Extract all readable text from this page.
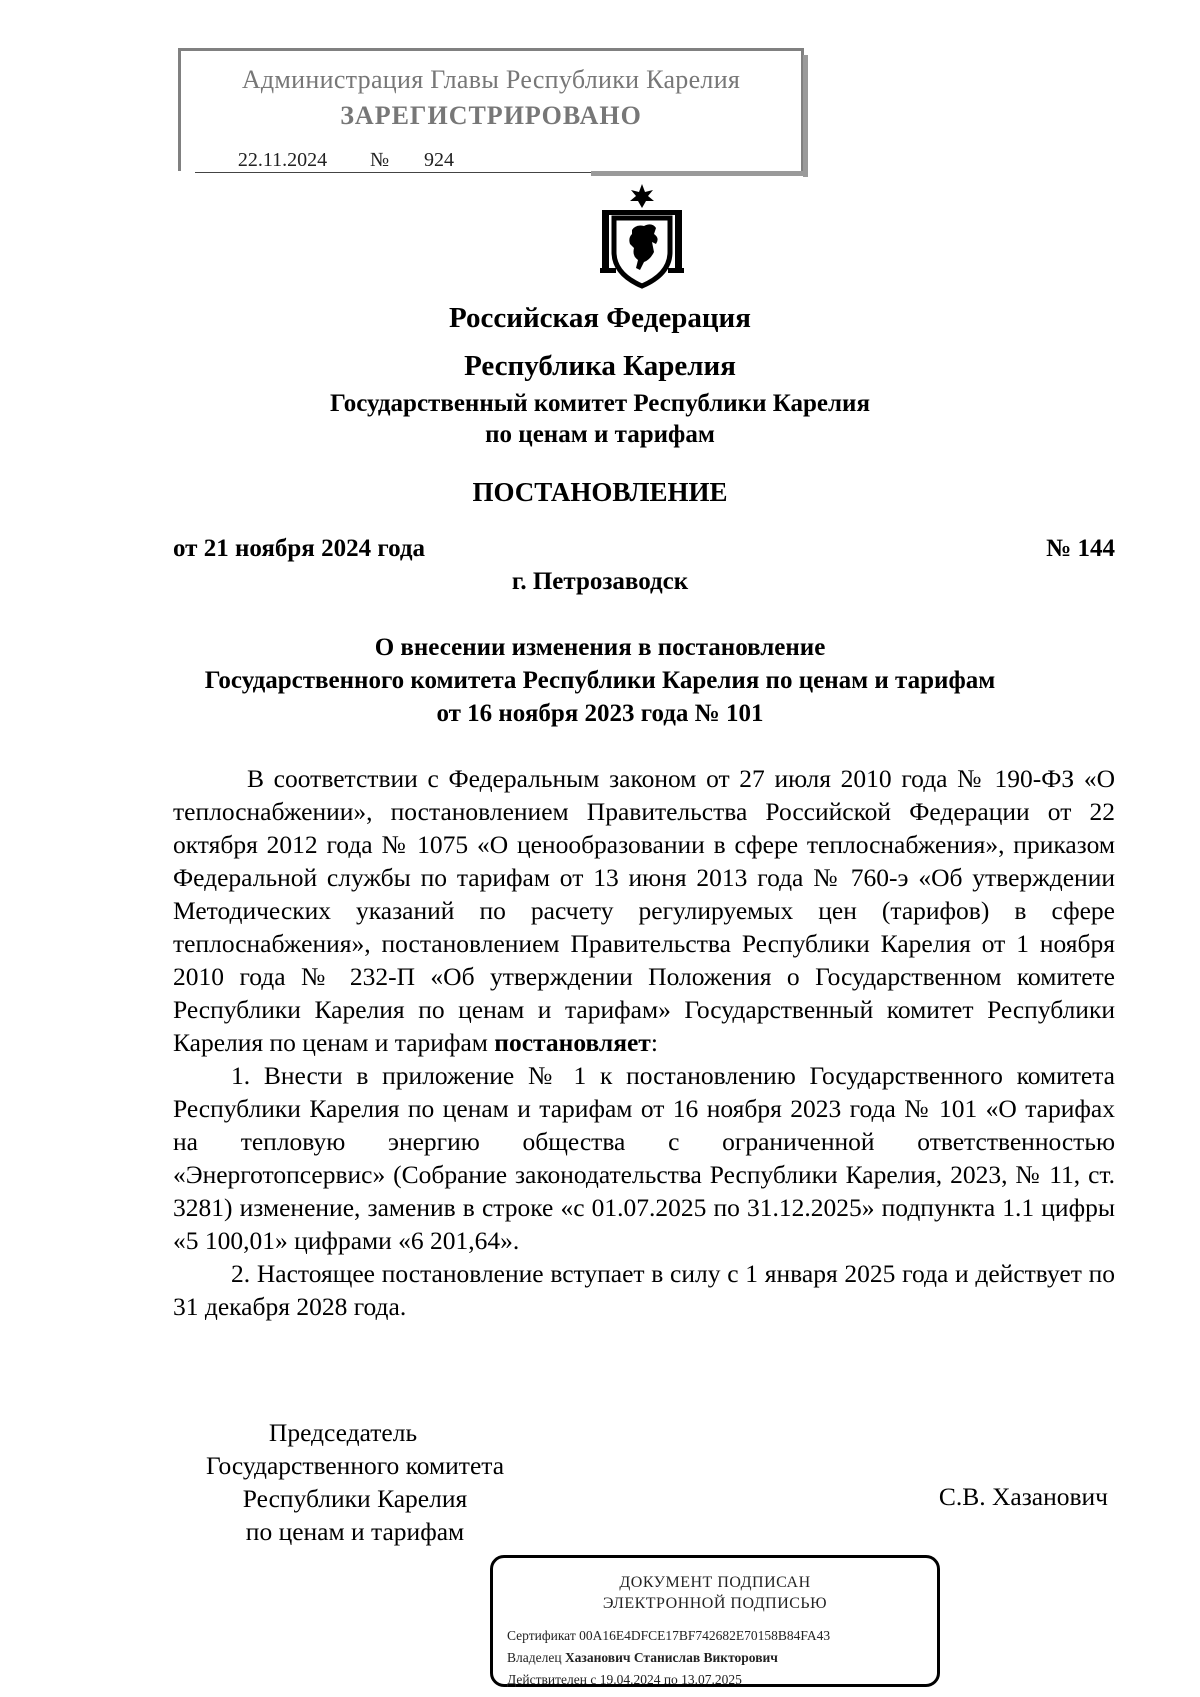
Администрация Главы Республики Карелия
ЗАРЕГИСТРИРОВАНО
22.11.2024 № 924
Российская Федерация
Республика Карелия
Государственный комитет Республики Карелия
по ценам и тарифам
ПОСТАНОВЛЕНИЕ
от 21 ноября 2024 года	№ 144
г. Петрозаводск
О внесении изменения в постановление
Государственного комитета Республики Карелия по ценам и тарифам
от 16 ноября 2023 года № 101

В соответствии с Федеральным законом от 27 июля 2010 года № 190-ФЗ «О теплоснабжении», постановлением Правительства Российской Федерации от 22 октября 2012 года № 1075 «О ценообразовании в сфере теплоснабжения», приказом Федеральной службы по тарифам от 13 июня 2013 года № 760-э «Об утверждении Методических указаний по расчету регулируемых цен (тарифов) в сфере теплоснабжения», постановлением Правительства Республики Карелия от 1 ноября 2010 года № 232-П «Об утверждении Положения о Государственном комитете Республики Карелия по ценам и тарифам» Государственный комитет Республики Карелия по ценам и тарифам постановляет:

1. Внести в приложение № 1 к постановлению Государственного комитета Республики Карелия по ценам и тарифам от 16 ноября 2023 года № 101 «О тарифах на тепловую энергию общества с ограниченной ответственностью «Энерготопсервис» (Собрание законодательства Республики Карелия, 2023, № 11, ст. 3281) изменение, заменив в строке «с 01.07.2025 по 31.12.2025» подпункта 1.1 цифры «5 100,01» цифрами «6 201,64».

2. Настоящее постановление вступает в силу с 1 января 2025 года и действует по 31 декабря 2028 года.

Председатель
Государственного комитета
Республики Карелия
по ценам и тарифам
С.В. Хазанович
ДОКУМЕНТ ПОДПИСАН
ЭЛЕКТРОННОЙ ПОДПИСЬЮ
Сертификат 00A16E4DFCE17BF742682E70158B84FA43
Владелец Хазанович Станислав Викторович
Действителен с 19.04.2024 по 13.07.2025
